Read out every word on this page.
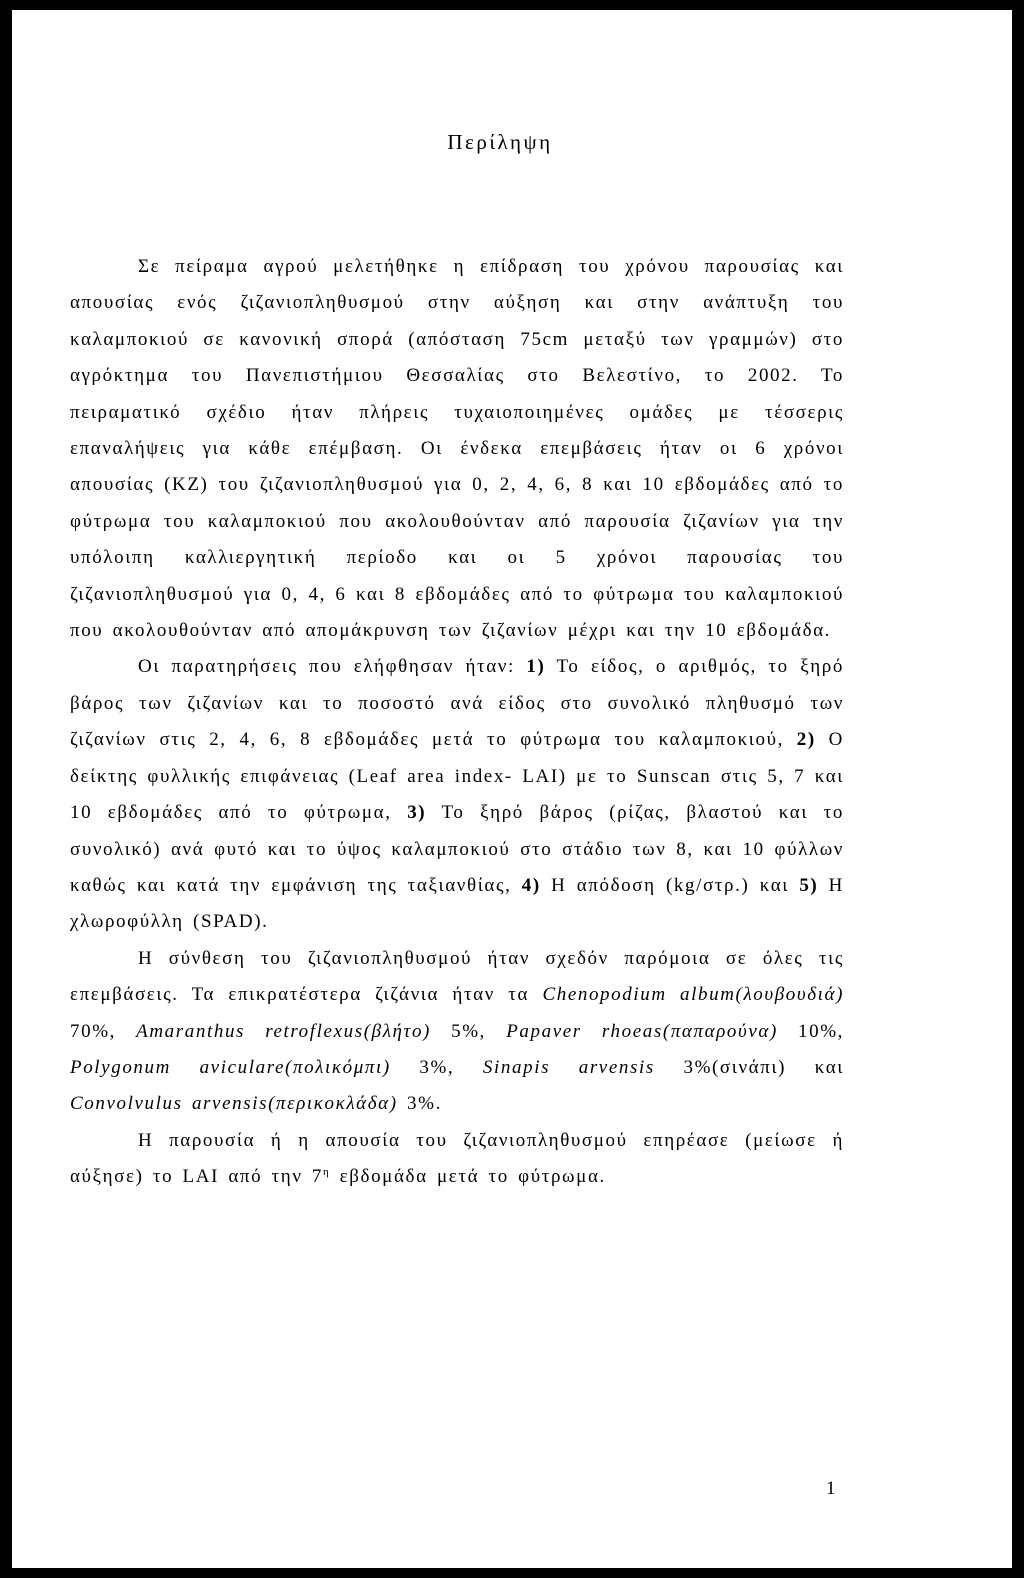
Περίληψη

Σε πείραμα αγρού μελετήθηκε η επίδραση του χρόνου παρουσίας και απουσίας ενός ζιζανιοπληθυσμού στην αύξηση και στην ανάπτυξη του καλαμποκιού σε κανονική σπορά (απόσταση 75cm μεταξύ των γραμμών) στο αγρόκτημα του Πανεπιστήμιου Θεσσαλίας στο Βελεστίνο, το 2002. Το πειραματικό σχέδιο ήταν πλήρεις τυχαιοποιημένες ομάδες με τέσσερις επαναλήψεις για κάθε επέμβαση. Οι ένδεκα επεμβάσεις ήταν οι 6 χρόνοι απουσίας (ΚΖ) του ζιζανιοπληθυσμού για 0, 2, 4, 6, 8 και 10 εβδομάδες από το φύτρωμα του καλαμποκιού που ακολουθούνταν από παρουσία ζιζανίων για την υπόλοιπη καλλιεργητική περίοδο και οι 5 χρόνοι παρουσίας του ζιζανιοπληθυσμού για 0, 4, 6 και 8 εβδομάδες από το φύτρωμα του καλαμποκιού που ακολουθούνταν από απομάκρυνση των ζιζανίων μέχρι και την 10 εβδομάδα.

Οι παρατηρήσεις που ελήφθησαν ήταν: 1) Το είδος, ο αριθμός, το ξηρό βάρος των ζιζανίων και το ποσοστό ανά είδος στο συνολικό πληθυσμό των ζιζανίων στις 2, 4, 6, 8 εβδομάδες μετά το φύτρωμα του καλαμποκιού, 2) Ο δείκτης φυλλικής επιφάνειας (Leaf area index- LAI) με το Sunscan στις 5, 7 και 10 εβδομάδες από το φύτρωμα, 3) Το ξηρό βάρος (ρίζας, βλαστού και το συνολικό) ανά φυτό και το ύψος καλαμποκιού στο στάδιο των 8, και 10 φύλλων καθώς και κατά την εμφάνιση της ταξιανθίας, 4) Η απόδοση (kg/στρ.) και 5) Η χλωροφύλλη (SPAD).

Η σύνθεση του ζιζανιοπληθυσμού ήταν σχεδόν παρόμοια σε όλες τις επεμβάσεις. Τα επικρατέστερα ζιζάνια ήταν τα Chenopodium album(λουβουδιά) 70%, Amaranthus retroflexus(βλήτο) 5%, Papaver rhoeas(παπαρούνα) 10%, Polygonum aviculare(πολικόμπι) 3%, Sinapis arvensis 3%(σινάπι) και Convolvulus arvensis(περικοκλάδα) 3%.

Η παρουσία ή η απουσία του ζιζανιοπληθυσμού επηρέασε (μείωσε ή αύξησε) το LAI από την $7^\eta$ εβδομάδα μετά το φύτρωμα.

1
